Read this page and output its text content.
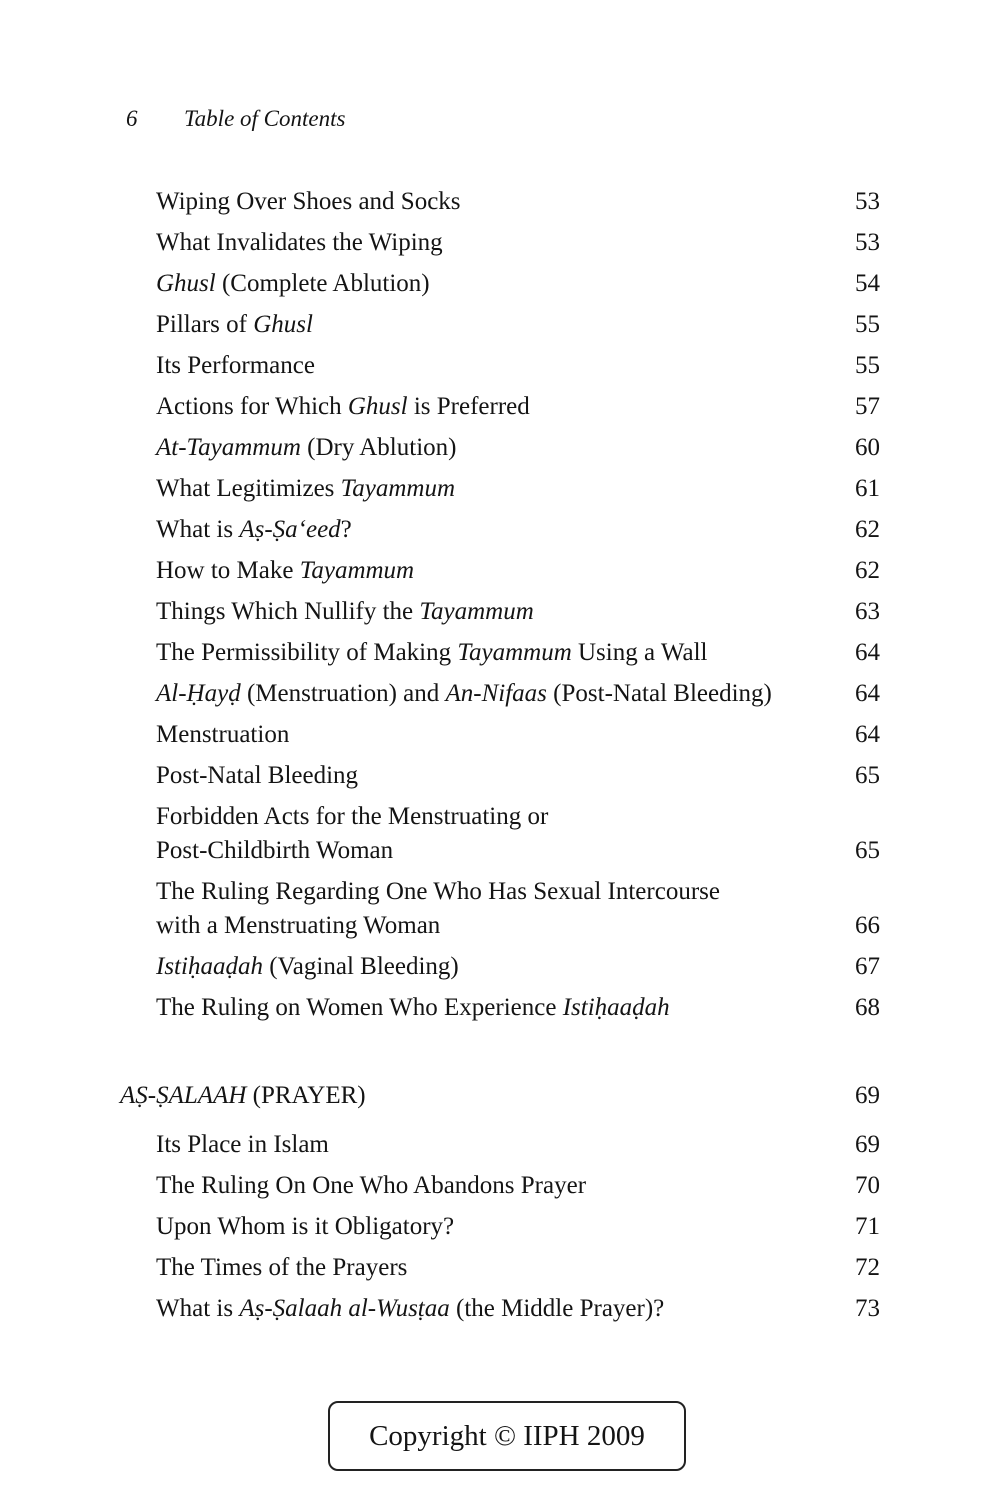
6 Table of Contents
Wiping Over Shoes and Socks	53
What Invalidates the Wiping	53
Ghusl (Complete Ablution)	54
Pillars of Ghusl	55
Its Performance	55
Actions for Which Ghusl is Preferred	57
At-Tayammum (Dry Ablution)	60
What Legitimizes Tayammum	61
What is Aṣ-Ṣa‘eed?	62
How to Make Tayammum	62
Things Which Nullify the Tayammum	63
The Permissibility of Making Tayammum Using a Wall	64
Al-Ḥayḍ (Menstruation) and An-Nifaas (Post-Natal Bleeding)	64
Menstruation	64
Post-Natal Bleeding	65
Forbidden Acts for the Menstruating or
Post-Childbirth Woman	65
The Ruling Regarding One Who Has Sexual Intercourse
with a Menstruating Woman	66
Istiḥaaḍah (Vaginal Bleeding)	67
The Ruling on Women Who Experience Istiḥaaḍah	68
AṢ-ṢALAAH (PRAYER)	69
Its Place in Islam	69
The Ruling On One Who Abandons Prayer	70
Upon Whom is it Obligatory?	71
The Times of the Prayers	72
What is Aṣ-Ṣalaah al-Wusṭaa (the Middle Prayer)?	73
Copyright © IIPH 2009
